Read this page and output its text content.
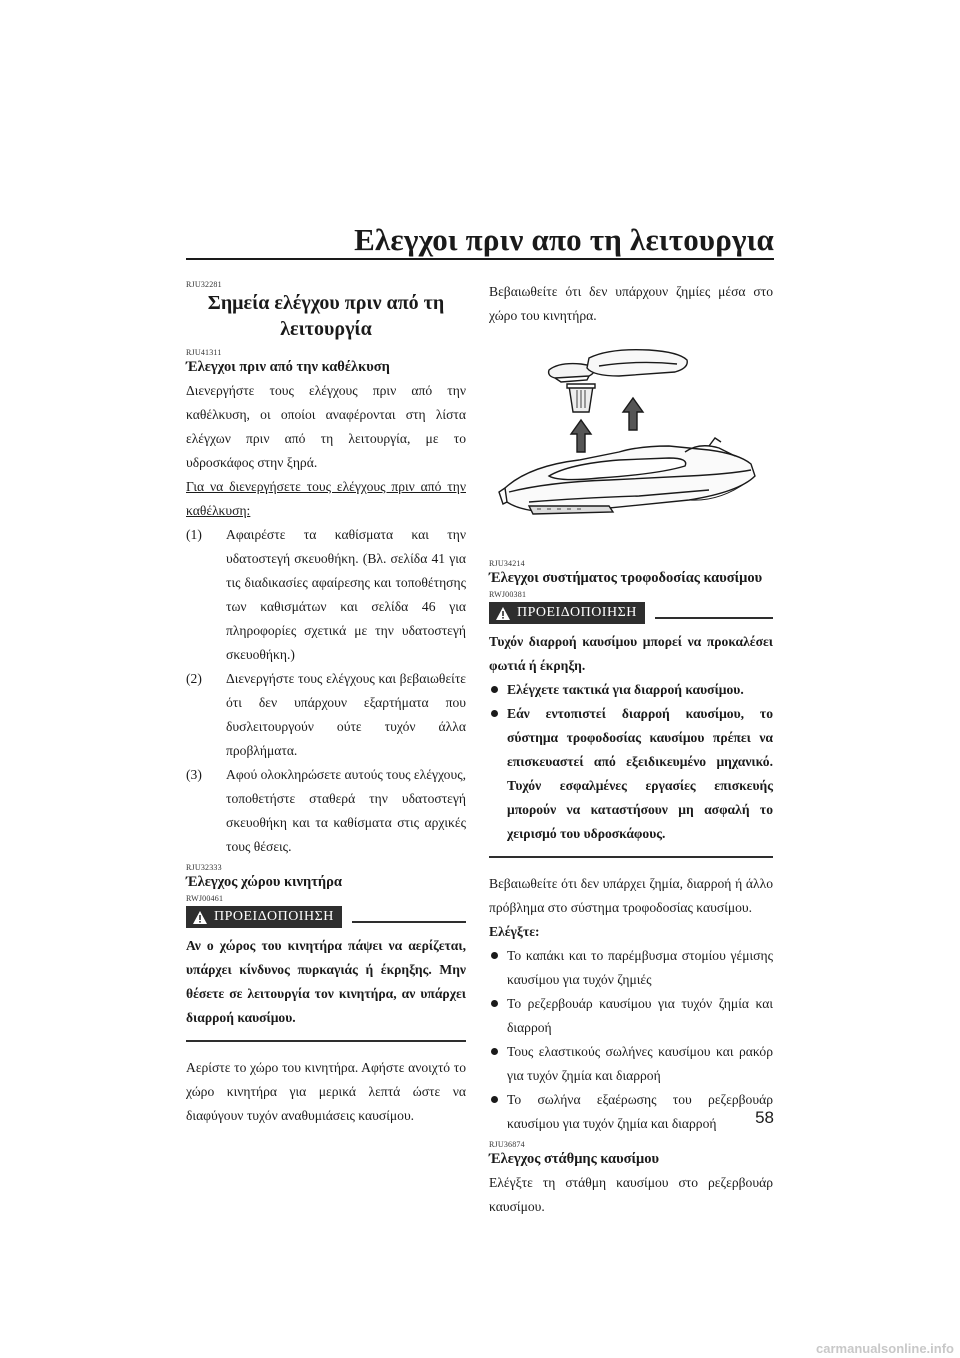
Ελεγχοι πριν απο τη λειτουργια

RJU32281

Σημεία ελέγχου πριν από τη λειτουργία

RJU41311

Έλεγχοι πριν από την καθέλκυση

Διενεργήστε τους ελέγχους πριν από την καθέλκυση, οι οποίοι αναφέρονται στη λίστα ελέγχων πριν από τη λειτουργία, με το υδροσκάφος στην ξηρά.

Για να διενεργήσετε τους ελέγχους πριν από την καθέλκυση:

(1)	Αφαιρέστε τα καθίσματα και την υδατοστεγή σκευοθήκη. (Βλ. σελίδα 41 για τις διαδικασίες αφαίρεσης και τοποθέτησης των καθισμάτων και σελίδα 46 για πληροφορίες σχετικά με την υδατοστεγή σκευοθήκη.)
(2)	Διενεργήστε τους ελέγχους και βεβαιωθείτε ότι δεν υπάρχουν εξαρτήματα που δυσλειτουργούν ούτε τυχόν άλλα προβλήματα.
(3)	Αφού ολοκληρώσετε αυτούς τους ελέγχους, τοποθετήστε σταθερά την υδατοστεγή σκευοθήκη και τα καθίσματα στις αρχικές τους θέσεις.

RJU32333

Έλεγχος χώρου κινητήρα

RWJ00461

ΠΡΟΕΙΔΟΠΟΙΗΣΗ

Αν ο χώρος του κινητήρα πάψει να αερίζεται, υπάρχει κίνδυνος πυρκαγιάς ή έκρηξης. Μην θέσετε σε λειτουργία τον κινητήρα, αν υπάρχει διαρροή καυσίμου.

Αερίστε το χώρο του κινητήρα. Αφήστε ανοιχτό το χώρο κινητήρα για μερικά λεπτά ώστε να διαφύγουν τυχόν αναθυμιάσεις καυσίμου.

Βεβαιωθείτε ότι δεν υπάρχουν ζημίες μέσα στο χώρο του κινητήρα.

RJU34214

Έλεγχοι συστήματος τροφοδοσίας καυσίμου

RWJ00381

ΠΡΟΕΙΔΟΠΟΙΗΣΗ

Τυχόν διαρροή καυσίμου μπορεί να προκαλέσει φωτιά ή έκρηξη.

Ελέγχετε τακτικά για διαρροή καυσίμου.
Εάν εντοπιστεί διαρροή καυσίμου, το σύστημα τροφοδοσίας καυσίμου πρέπει να επισκευαστεί από εξειδικευμένο μηχανικό. Τυχόν εσφαλμένες εργασίες επισκευής μπορούν να καταστήσουν μη ασφαλή το χειρισμό του υδροσκάφους.

Βεβαιωθείτε ότι δεν υπάρχει ζημία, διαρροή ή άλλο πρόβλημα στο σύστημα τροφοδοσίας καυσίμου.

Ελέγξτε:

Το καπάκι και το παρέμβυσμα στομίου γέμισης καυσίμου για τυχόν ζημιές
Το ρεζερβουάρ καυσίμου για τυχόν ζημία και διαρροή
Τους ελαστικούς σωλήνες καυσίμου και ρακόρ για τυχόν ζημία και διαρροή
Το σωλήνα εξαέρωσης του ρεζερβουάρ καυσίμου για τυχόν ζημία και διαρροή

RJU36874

Έλεγχος στάθμης καυσίμου

Ελέγξτε τη στάθμη καυσίμου στο ρεζερβουάρ καυσίμου.

58
carmanualsonline.info
